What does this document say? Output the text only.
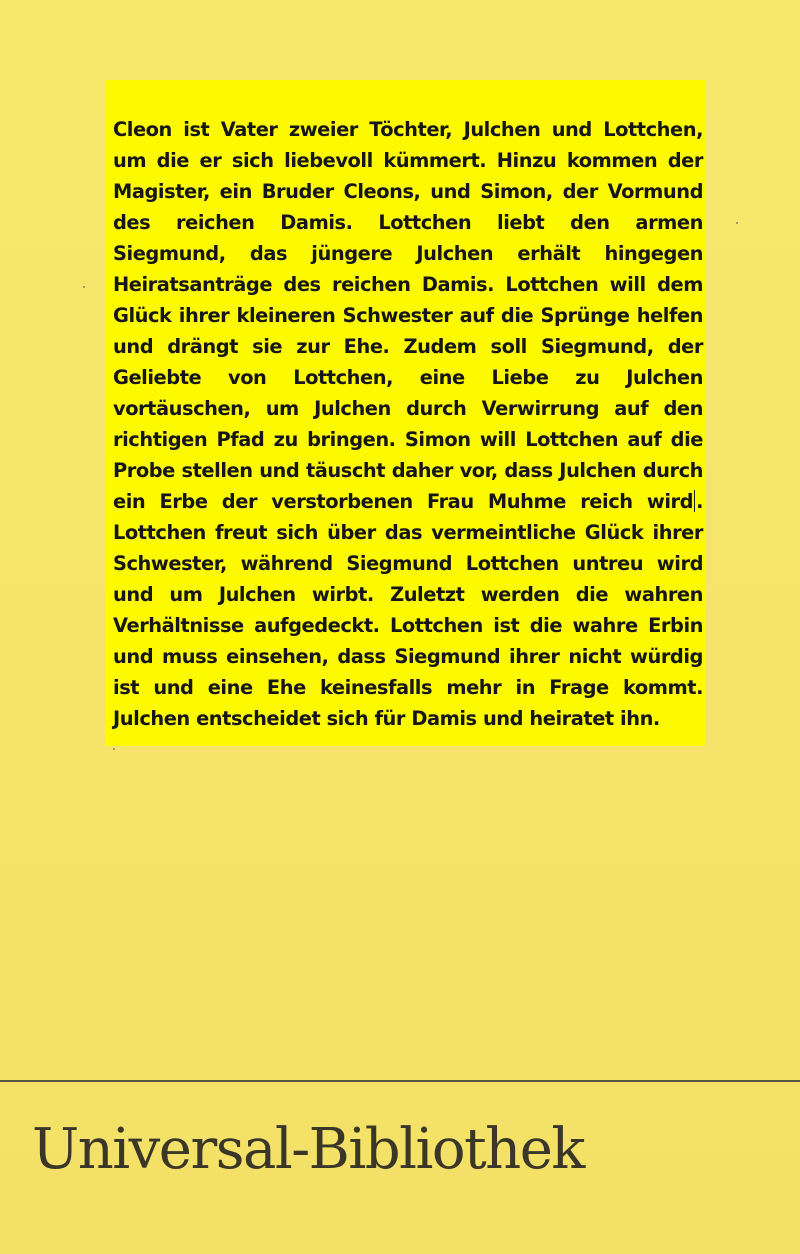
Cleon ist Vater zweier Töchter, Julchen und Lottchen, um die er sich liebevoll kümmert. Hinzu kommen der Magister, ein Bruder Cleons, und Simon, der Vormund des reichen Damis. Lottchen liebt den armen Siegmund, das jüngere Julchen erhält hingegen Heiratsanträge des reichen Damis. Lottchen will dem Glück ihrer kleineren Schwester auf die Sprünge helfen und drängt sie zur Ehe. Zudem soll Siegmund, der Geliebte von Lottchen, eine Liebe zu Julchen vortäuschen, um Julchen durch Verwirrung auf den richtigen Pfad zu bringen. Simon will Lottchen auf die Probe stellen und täuscht daher vor, dass Julchen durch ein Erbe der verstorbenen Frau Muhme reich wird . Lottchen freut sich über das vermeintliche Glück ihrer Schwester, während Siegmund Lottchen untreu wird und um Julchen wirbt. Zuletzt werden die wahren Verhältnisse aufgedeckt. Lottchen ist die wahre Erbin und muss einsehen, dass Siegmund ihrer nicht würdig ist und eine Ehe keinesfalls mehr in Frage kommt. Julchen entscheidet sich für Damis und heiratet ihn.

Universal-Bibliothek
